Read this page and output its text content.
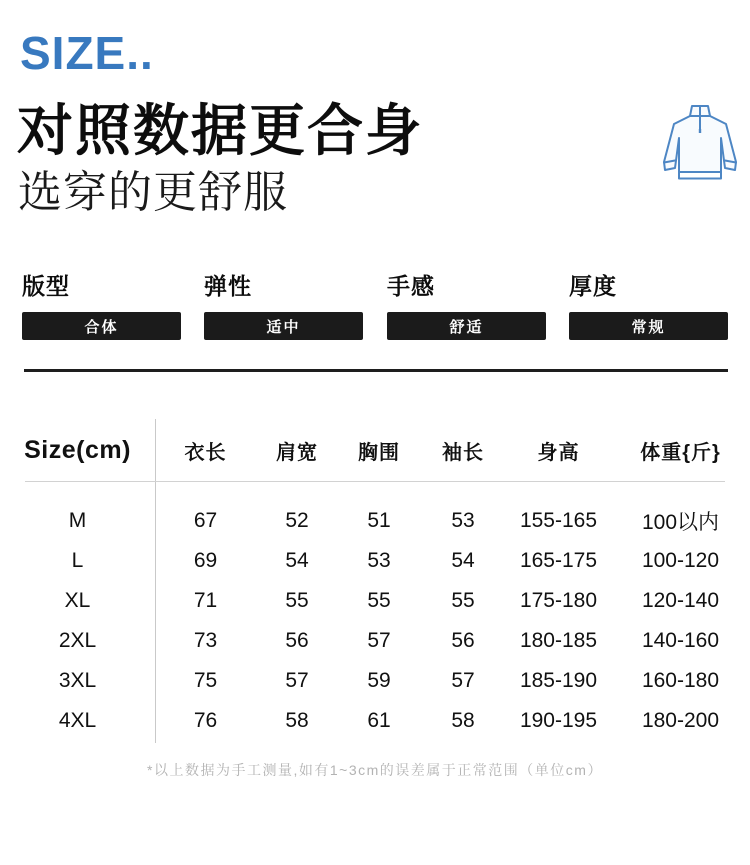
SIZE..
对照数据更合身
选穿的更舒服
版型
合体
弹性
适中
手感
舒适
厚度
常规
Size(cm)	衣长	肩宽	胸围	袖长	身高	体重{斤}
M	67	52	51	53	155-165	100以内
L	69	54	53	54	165-175	100-120
XL	71	55	55	55	175-180	120-140
2XL	73	56	57	56	180-185	140-160
3XL	75	57	59	57	185-190	160-180
4XL	76	58	61	58	190-195	180-200
*以上数据为手工测量,如有1~3cm的误差属于正常范围（单位cm）
